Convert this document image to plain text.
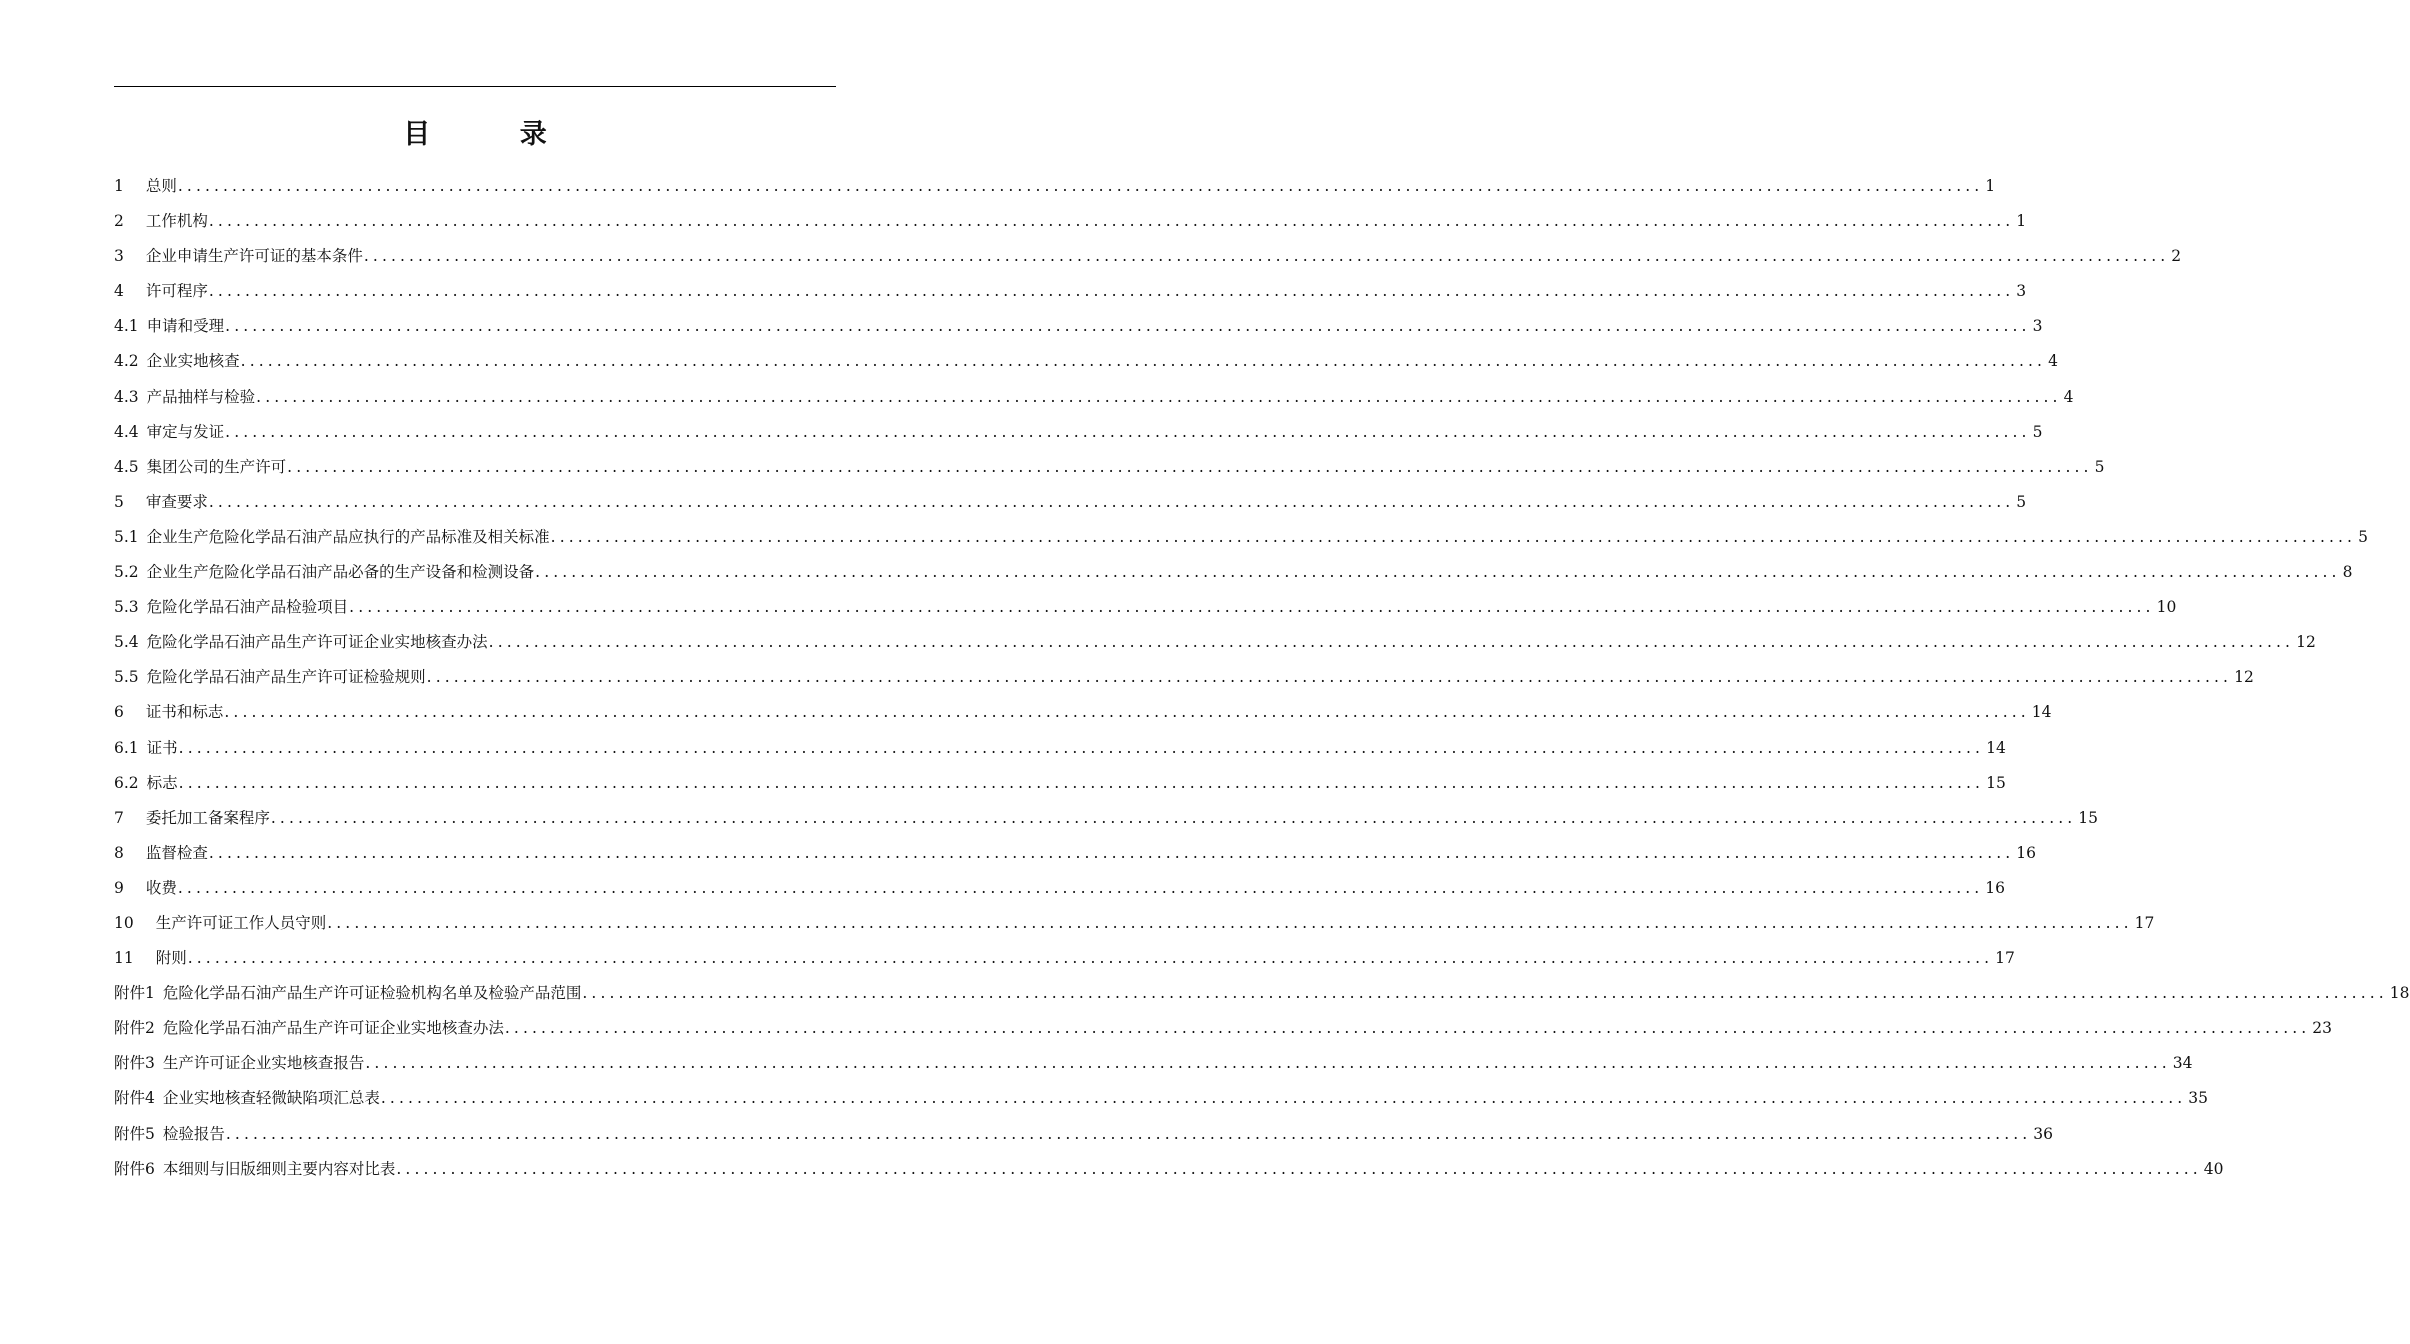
目 录
1 总则 ........................................................................................................................................................................................................ 1
2 工作机构 ........................................................................................................................................................................................................ 1
3 企业申请生产许可证的基本条件 ........................................................................................................................................................................................................ 2
4 许可程序 ........................................................................................................................................................................................................ 3
4.1 申请和受理 ........................................................................................................................................................................................................ 3
4.2 企业实地核查 ........................................................................................................................................................................................................ 4
4.3 产品抽样与检验 ........................................................................................................................................................................................................ 4
4.4 审定与发证 ........................................................................................................................................................................................................ 5
4.5 集团公司的生产许可 ........................................................................................................................................................................................................ 5
5 审查要求 ........................................................................................................................................................................................................ 5
5.1 企业生产危险化学品石油产品应执行的产品标准及相关标准 ........................................................................................................................................................................................................ 5
5.2 企业生产危险化学品石油产品必备的生产设备和检测设备 ........................................................................................................................................................................................................ 8
5.3 危险化学品石油产品检验项目 ........................................................................................................................................................................................................ 10
5.4 危险化学品石油产品生产许可证企业实地核查办法 ........................................................................................................................................................................................................ 12
5.5 危险化学品石油产品生产许可证检验规则 ........................................................................................................................................................................................................ 12
6 证书和标志 ........................................................................................................................................................................................................ 14
6.1 证书 ........................................................................................................................................................................................................ 14
6.2 标志 ........................................................................................................................................................................................................ 15
7 委托加工备案程序 ........................................................................................................................................................................................................ 15
8 监督检查 ........................................................................................................................................................................................................ 16
9 收费 ........................................................................................................................................................................................................ 16
10 生产许可证工作人员守则 ........................................................................................................................................................................................................ 17
11 附则 ........................................................................................................................................................................................................ 17
附件1 危险化学品石油产品生产许可证检验机构名单及检验产品范围 ........................................................................................................................................................................................................ 18
附件2 危险化学品石油产品生产许可证企业实地核查办法 ........................................................................................................................................................................................................ 23
附件3 生产许可证企业实地核查报告 ........................................................................................................................................................................................................ 34
附件4 企业实地核查轻微缺陷项汇总表 ........................................................................................................................................................................................................ 35
附件5 检验报告 ........................................................................................................................................................................................................ 36
附件6 本细则与旧版细则主要内容对比表 ........................................................................................................................................................................................................ 40
